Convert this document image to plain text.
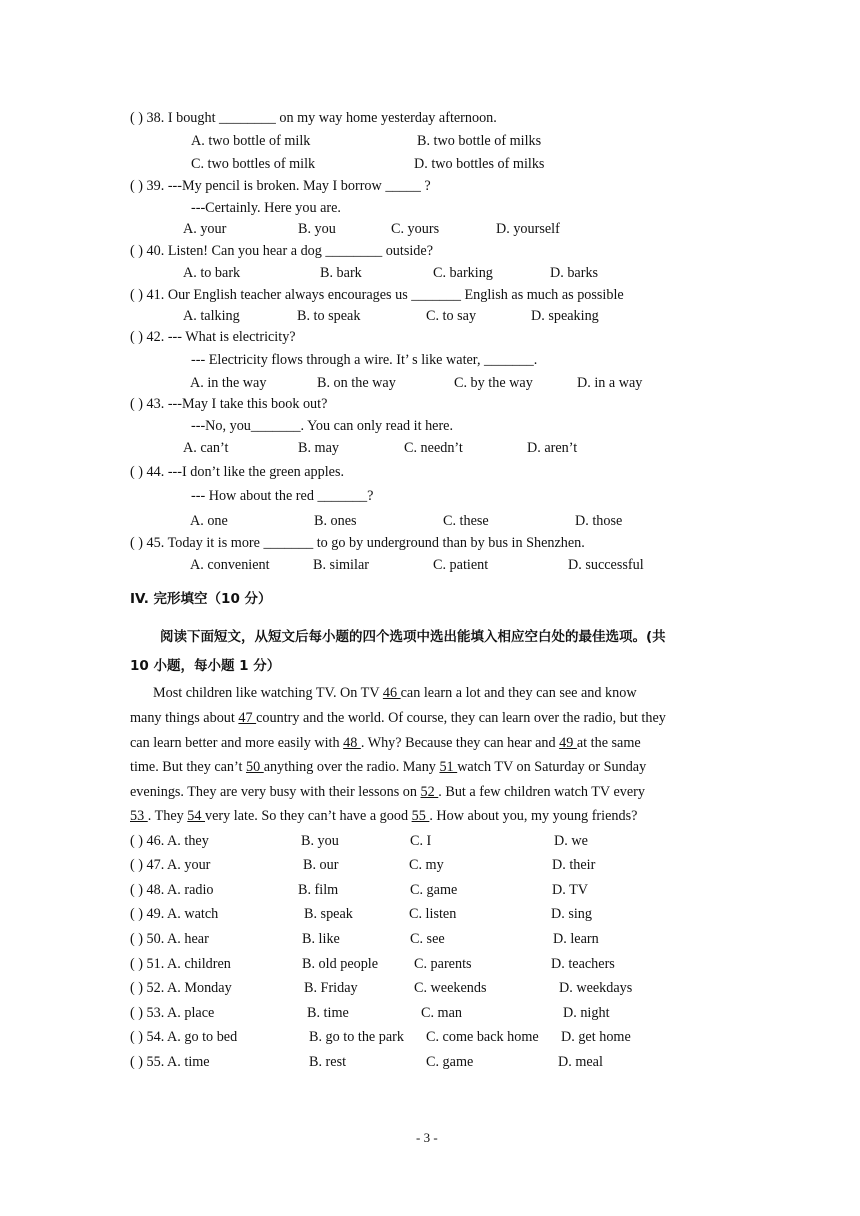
( ) 38. I bought ________ on my way home yesterday afternoon.
A. two bottle of milk	B. two bottle of milks
C. two bottles of milk	D. two bottles of milks
( ) 39. ---My pencil is broken. May I borrow _____ ?
---Certainly. Here you are.
A. your	B. you	C. yours	D. yourself
( ) 40. Listen! Can you hear a dog ________ outside?
A. to bark	B. bark	C. barking	D. barks
( ) 41. Our English teacher always encourages us _______ English as much as possible
A. talking	B. to speak	C. to say	D. speaking
( ) 42. --- What is electricity?
--- Electricity flows through a wire. It’ s like water, _______.
A. in the way	B. on the way	C. by the way	D. in a way
( ) 43. ---May I take this book out?
---No, you_______. You can only read it here.
A. can’t	B. may	C. needn’t	D. aren’t
( ) 44. ---I don’t like the green apples.
--- How about the red _______?
A. one	B. ones	C. these	D. those
( ) 45. Today it is more _______ to go by underground than by bus in Shenzhen.
A. convenient	B. similar	C. patient	D. successful
IV. 完形填空（10 分）
阅读下面短文，从短文后每小题的四个选项中选出能填入相应空白处的最佳选项。(共
10 小题，每小题 1 分）
Most children like watching TV. On TV 46 can learn a lot and they can see and know
many things about 47 country and the world. Of course, they can learn over the radio, but they
can learn better and more easily with 48 . Why? Because they can hear and 49 at the same
time. But they can’t 50 anything over the radio. Many 51 watch TV on Saturday or Sunday
evenings. They are very busy with their lessons on 52 . But a few children watch TV every
53 . They 54 very late. So they can’t have a good 55 . How about you, my young friends?
( ) 46. A. they	B. you	C. I	D. we
( ) 47. A. your	B. our	C. my	D. their
( ) 48. A. radio	B. film	C. game	D. TV
( ) 49. A. watch	B. speak	C. listen	D. sing
( ) 50. A. hear	B. like	C. see	D. learn
( ) 51. A. children	B. old people	C. parents	D. teachers
( ) 52. A. Monday	B. Friday	C. weekends	D. weekdays
( ) 53. A. place	B. time	C. man	D. night
( ) 54. A. go to bed	B. go to the park C. come back home D. get home
( ) 55. A. time	B. rest	C. game	D. meal
- 3 -
